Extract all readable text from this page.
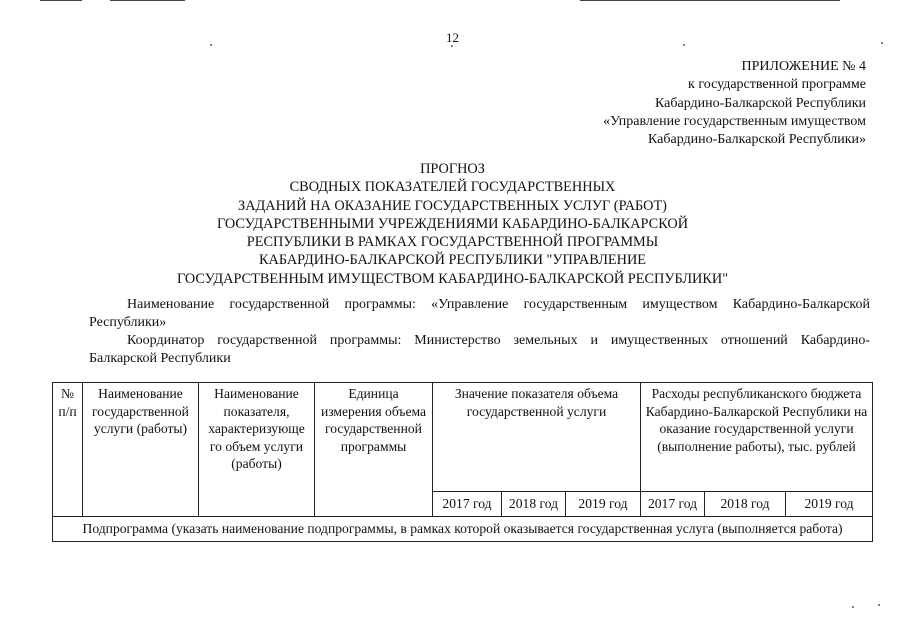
12
ПРИЛОЖЕНИЕ № 4
к государственной программе
Кабардино-Балкарской Республики
«Управление государственным имуществом
Кабардино-Балкарской Республики»
ПРОГНОЗ
СВОДНЫХ ПОКАЗАТЕЛЕЙ ГОСУДАРСТВЕННЫХ
ЗАДАНИЙ НА ОКАЗАНИЕ ГОСУДАРСТВЕННЫХ УСЛУГ (РАБОТ)
ГОСУДАРСТВЕННЫМИ УЧРЕЖДЕНИЯМИ КАБАРДИНО-БАЛКАРСКОЙ
РЕСПУБЛИКИ В РАМКАХ ГОСУДАРСТВЕННОЙ ПРОГРАММЫ
КАБАРДИНО-БАЛКАРСКОЙ РЕСПУБЛИКИ "УПРАВЛЕНИЕ
ГОСУДАРСТВЕННЫМ ИМУЩЕСТВОМ КАБАРДИНО-БАЛКАРСКОЙ РЕСПУБЛИКИ"
Наименование государственной программы: «Управление государственным имуществом Кабардино-Балкарской
Республики»
Координатор государственной программы: Министерство земельных и имущественных отношений Кабардино-
Балкарской Республики
№ п/п	Наименование государственной услуги (работы)	Наименование показателя, характеризующе го объем услуги (работы)	Единица измерения объема государственной программы	Значение показателя объема государственной услуги			Расходы республиканского бюджета Кабардино-Балкарской Республики на оказание государственной услуги (выполнение работы), тыс. рублей		
				2017 год	2018 год	2019 год	2017 год	2018 год	2019 год
Подпрограмма (указать наименование подпрограммы, в рамках которой оказывается государственная услуга (выполняется работа)									
